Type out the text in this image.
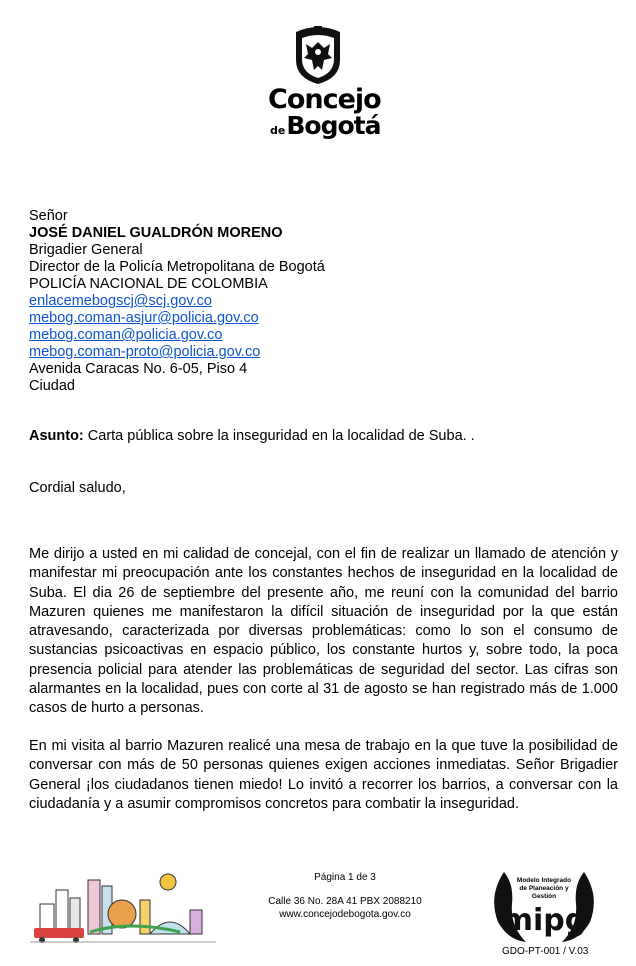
Concejo
deBogotá
Señor
JOSÉ DANIEL GUALDRÓN MORENO
Brigadier General
Director de la Policía Metropolitana de Bogotá
POLICÍA NACIONAL DE COLOMBIA
enlacemebogscj@scj.gov.co
mebog.coman-asjur@policia.gov.co
mebog.coman@policia.gov.co
mebog.coman-proto@policia.gov.co
Avenida Caracas No. 6-05, Piso 4
Ciudad
Asunto: Carta pública sobre la inseguridad en la localidad de Suba. .
Cordial saludo,
Me dirijo a usted en mi calidad de concejal, con el fin de realizar un llamado de atención y manifestar mi preocupación ante los constantes hechos de inseguridad en la localidad de Suba. El dia 26 de septiembre del presente año, me reuní con la comunidad del barrio Mazuren quienes me manifestaron la difícil situación de inseguridad por la que están atravesando, caracterizada por diversas problemáticas: como lo son el consumo de sustancias psicoactivas en espacio público, los constante hurtos y, sobre todo, la poca presencia policial para atender las problemáticas de seguridad del sector. Las cifras son alarmantes en la localidad, pues con corte al 31 de agosto se han registrado más de 1.000 casos de hurto a personas.
En mi visita al barrio Mazuren realicé una mesa de trabajo en la que tuve la posibilidad de conversar con más de 50 personas quienes exigen acciones inmediatas. Señor Brigadier General ¡los ciudadanos tienen miedo! Lo invitó a recorrer los barrios, a conversar con la ciudadanía y a asumir compromisos concretos para combatir la inseguridad.
Página 1 de 3
Calle 36 No. 28A 41 PBX 2088210
www.concejodebogota.gov.co
Modelo Integrado
de Planeación y
Gestión
mipg
GDO-PT-001 / V.03
